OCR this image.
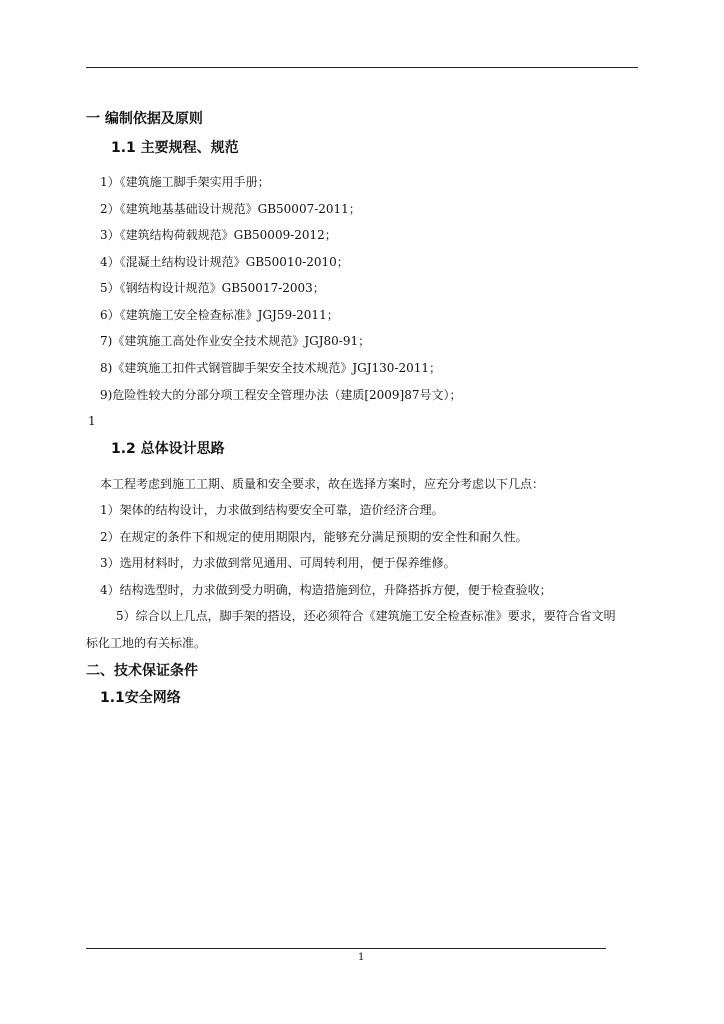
一 编制依据及原则
1.1 主要规程、规范
1）《建筑施工脚手架实用手册；
2）《建筑地基基础设计规范》GB50007-2011；
3）《建筑结构荷载规范》GB50009-2012；
4）《混凝土结构设计规范》GB50010-2010；
5）《钢结构设计规范》GB50017-2003；
6）《建筑施工安全检查标准》JGJ59-2011；
7)《建筑施工高处作业安全技术规范》JGJ80-91；
8)《建筑施工扣件式钢管脚手架安全技术规范》JGJ130-2011；
9)危险性较大的分部分项工程安全管理办法（建质[2009]87号文）；
1
1.2 总体设计思路
本工程考虑到施工工期、质量和安全要求，故在选择方案时，应充分考虑以下几点：
1）架体的结构设计，力求做到结构要安全可靠，造价经济合理。
2）在规定的条件下和规定的使用期限内，能够充分满足预期的安全性和耐久性。
3）选用材料时，力求做到常见通用、可周转利用，便于保养维修。
4）结构选型时，力求做到受力明确，构造措施到位，升降搭拆方便，便于检查验收；
5）综合以上几点，脚手架的搭设，还必须符合《建筑施工安全检查标准》要求，要符合省文明
标化工地的有关标准。
二、技术保证条件
1.1安全网络
1
